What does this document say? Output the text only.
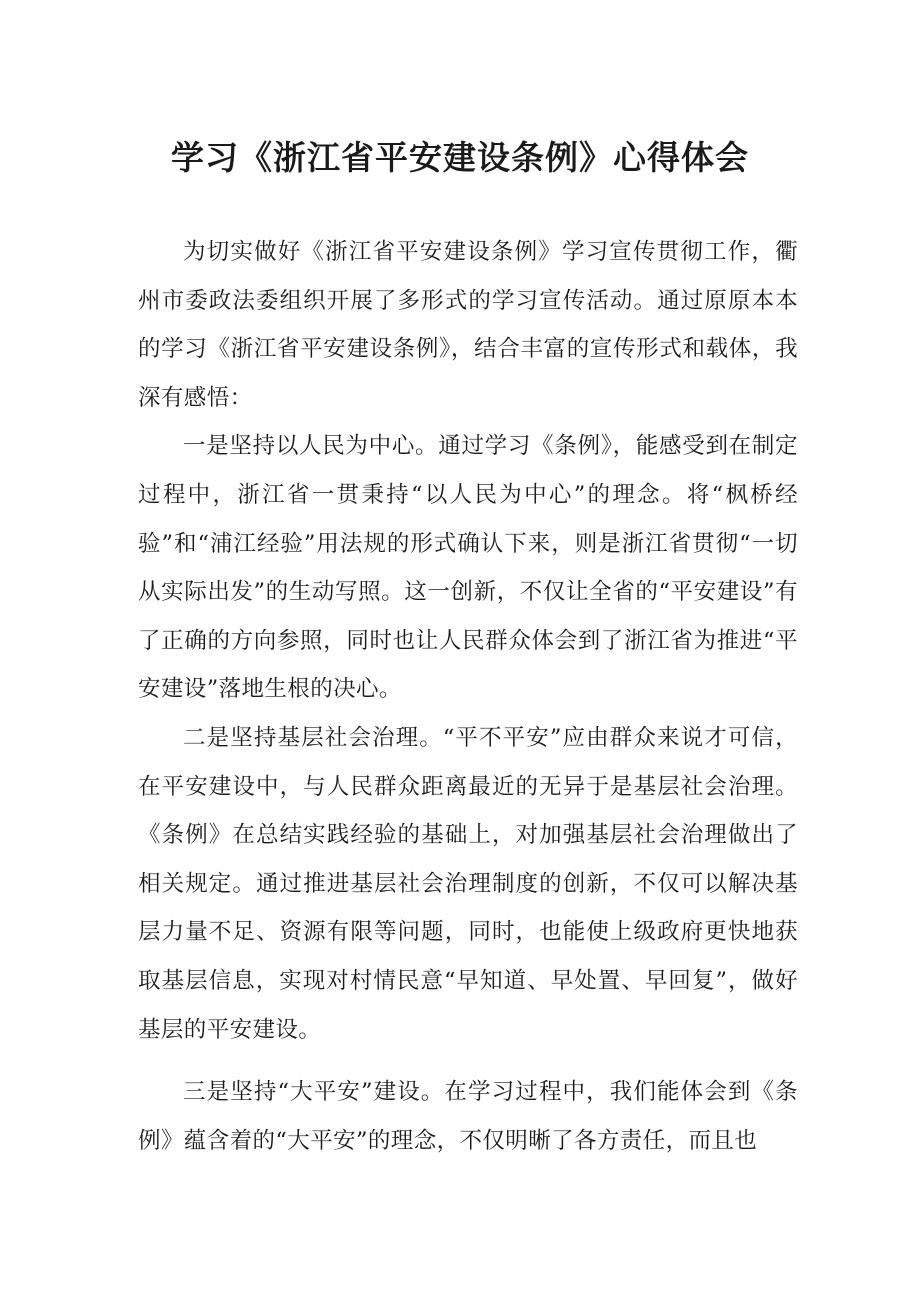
学习《浙江省平安建设条例》心得体会

为切实做好《浙江省平安建设条例》学习宣传贯彻工作，衢州市委政法委组织开展了多形式的学习宣传活动。通过原原本本的学习《浙江省平安建设条例》，结合丰富的宣传形式和载体，我深有感悟：

一是坚持以人民为中心。通过学习《条例》，能感受到在制定过程中，浙江省一贯秉持“以人民为中心”的理念。将“枫桥经验”和“浦江经验”用法规的形式确认下来，则是浙江省贯彻“一切从实际出发”的生动写照。这一创新，不仅让全省的“平安建设”有了正确的方向参照，同时也让人民群众体会到了浙江省为推进“平安建设”落地生根的决心。

二是坚持基层社会治理。“平不平安”应由群众来说才可信，在平安建设中，与人民群众距离最近的无异于是基层社会治理。《条例》在总结实践经验的基础上，对加强基层社会治理做出了相关规定。通过推进基层社会治理制度的创新，不仅可以解决基层力量不足、资源有限等问题，同时，也能使上级政府更快地获取基层信息，实现对村情民意“早知道、早处置、早回复”，做好基层的平安建设。

三是坚持“大平安”建设。在学习过程中，我们能体会到《条例》蕴含着的“大平安”的理念，不仅明晰了各方责任，而且也
